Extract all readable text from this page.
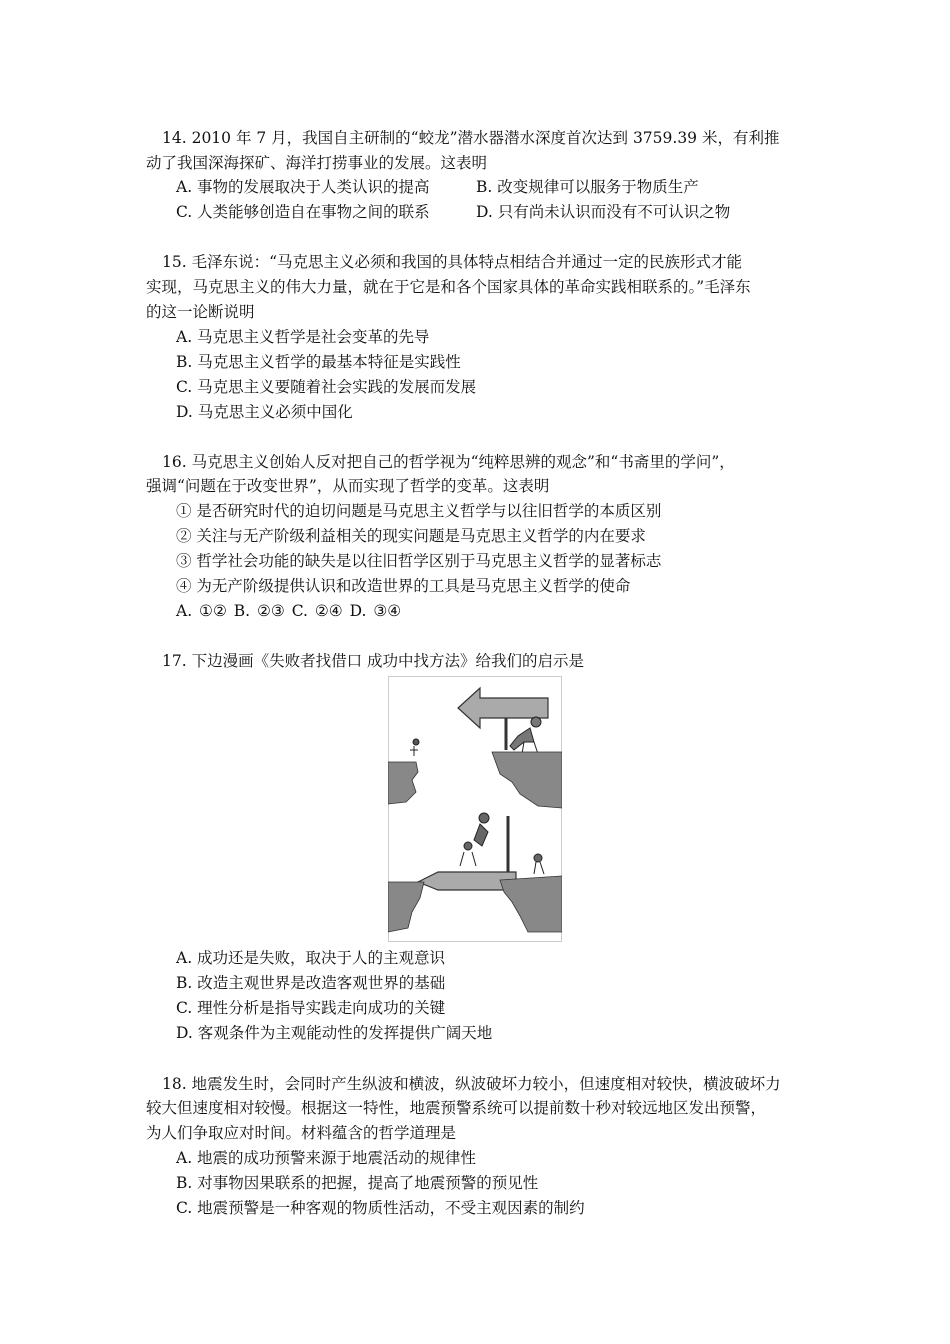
14. 2010 年 7 月，我国自主研制的“蛟龙”潜水器潜水深度首次达到 3759.39 米，有利推
动了我国深海探矿、海洋打捞事业的发展。这表明
A. 事物的发展取决于人类认识的提高	B. 改变规律可以服务于物质生产
C. 人类能够创造自在事物之间的联系	D. 只有尚未认识而没有不可认识之物
15. 毛泽东说：“马克思主义必须和我国的具体特点相结合并通过一定的民族形式才能
实现，马克思主义的伟大力量，就在于它是和各个国家具体的革命实践相联系的。”毛泽东
的这一论断说明
A. 马克思主义哲学是社会变革的先导
B. 马克思主义哲学的最基本特征是实践性
C. 马克思主义要随着社会实践的发展而发展
D. 马克思主义必须中国化
16. 马克思主义创始人反对把自己的哲学视为“纯粹思辨的观念”和“书斋里的学问”，
强调“问题在于改变世界”，从而实现了哲学的变革。这表明
① 是否研究时代的迫切问题是马克思主义哲学与以往旧哲学的本质区别
② 关注与无产阶级利益相关的现实问题是马克思主义哲学的内在要求
③ 哲学社会功能的缺失是以往旧哲学区别于马克思主义哲学的显著标志
④ 为无产阶级提供认识和改造世界的工具是马克思主义哲学的使命
A. ①② B. ②③ C. ②④ D. ③④
17. 下边漫画《失败者找借口 成功中找方法》给我们的启示是
A. 成功还是失败，取决于人的主观意识
B. 改造主观世界是改造客观世界的基础
C. 理性分析是指导实践走向成功的关键
D. 客观条件为主观能动性的发挥提供广阔天地
18. 地震发生时，会同时产生纵波和横波，纵波破坏力较小，但速度相对较快，横波破坏力
较大但速度相对较慢。根据这一特性，地震预警系统可以提前数十秒对较远地区发出预警，
为人们争取应对时间。材料蕴含的哲学道理是
A. 地震的成功预警来源于地震活动的规律性
B. 对事物因果联系的把握，提高了地震预警的预见性
C. 地震预警是一种客观的物质性活动，不受主观因素的制约
